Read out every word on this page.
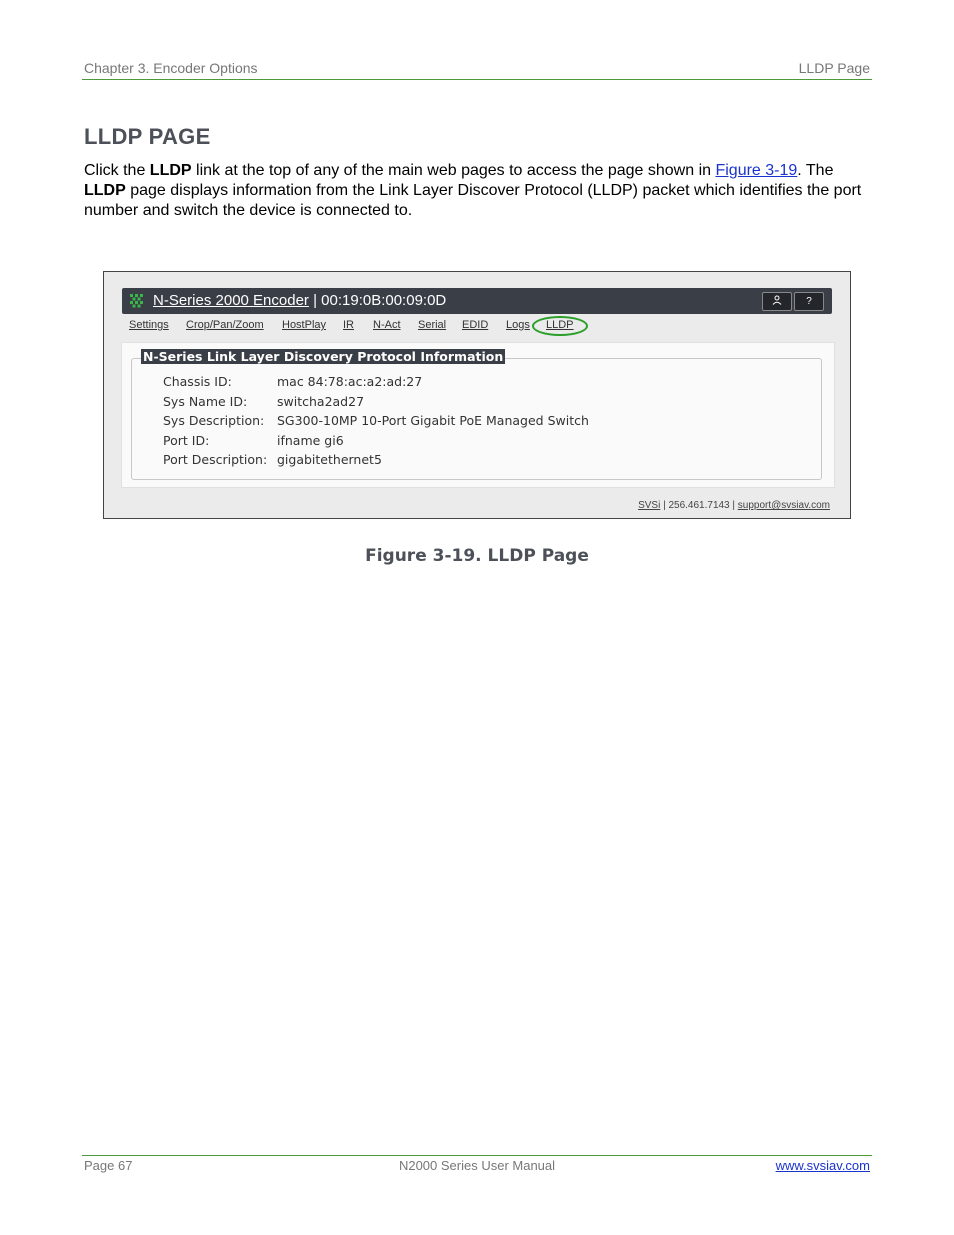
Chapter 3. Encoder Options	LLDP Page
LLDP PAGE
Click the LLDP link at the top of any of the main web pages to access the page shown in Figure 3-19. The
LLDP page displays information from the Link Layer Discover Protocol (LLDP) packet which identifies the port number and switch the device is connected to.
N-Series 2000 Encoder | 00:19:0B:00:09:0D	?
Settings Crop/Pan/Zoom HostPlay IR N-Act Serial EDID Logs LLDP
N-Series Link Layer Discovery Protocol Information
Chassis ID:	mac 84:78:ac:a2:ad:27
Sys Name ID: switcha2ad27
Sys Description: SG300-10MP 10-Port Gigabit PoE Managed Switch
Port ID:	ifname gi6
Port Description: gigabitethernet5
SVSi | 256.461.7143 | support@svsiav.com
Figure 3-19. LLDP Page
Page 67	N2000 Series User Manual	www.svsiav.com
